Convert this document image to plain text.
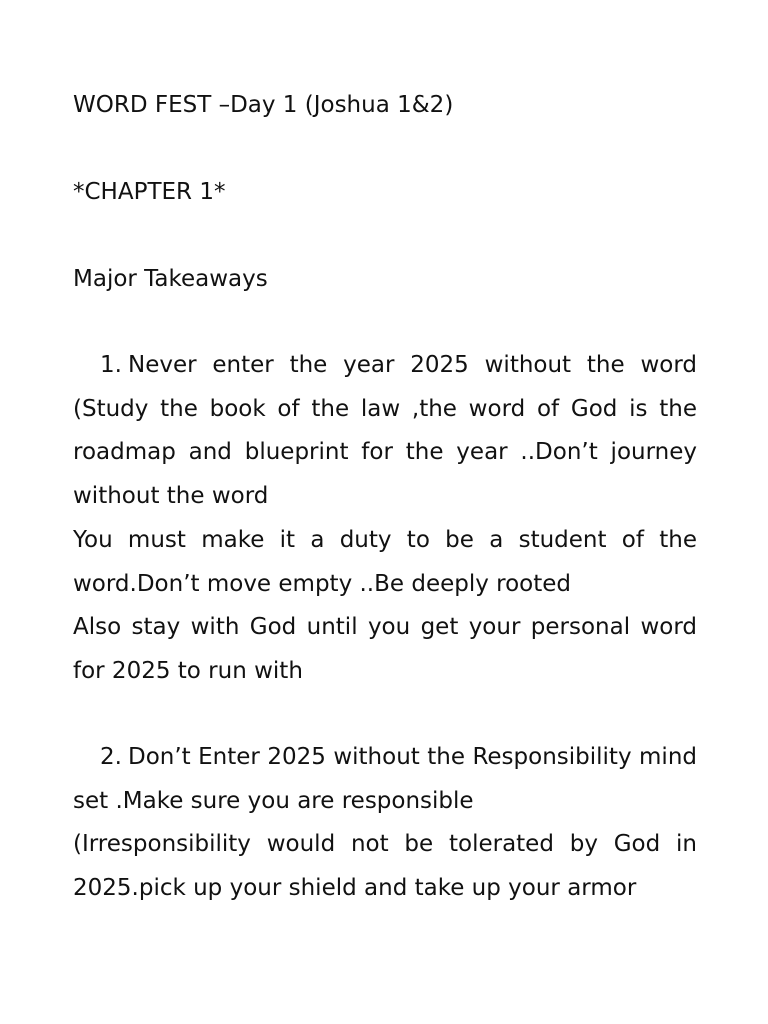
WORD FEST –Day 1 (Joshua 1&2)
*CHAPTER 1*
Major Takeaways

1. Never enter the year 2025 without the word (Study the book of the law ,the word of God is the roadmap and blueprint for the year ..Don’t journey without the word

You must make it a duty to be a student of the word.Don’t move empty ..Be deeply rooted

Also stay with God until you get your personal word for 2025 to run with

2. Don’t Enter 2025 without the Responsibility mind set .Make sure you are responsible

(Irresponsibility would not be tolerated by God in 2025.pick up your shield and take up your armor
